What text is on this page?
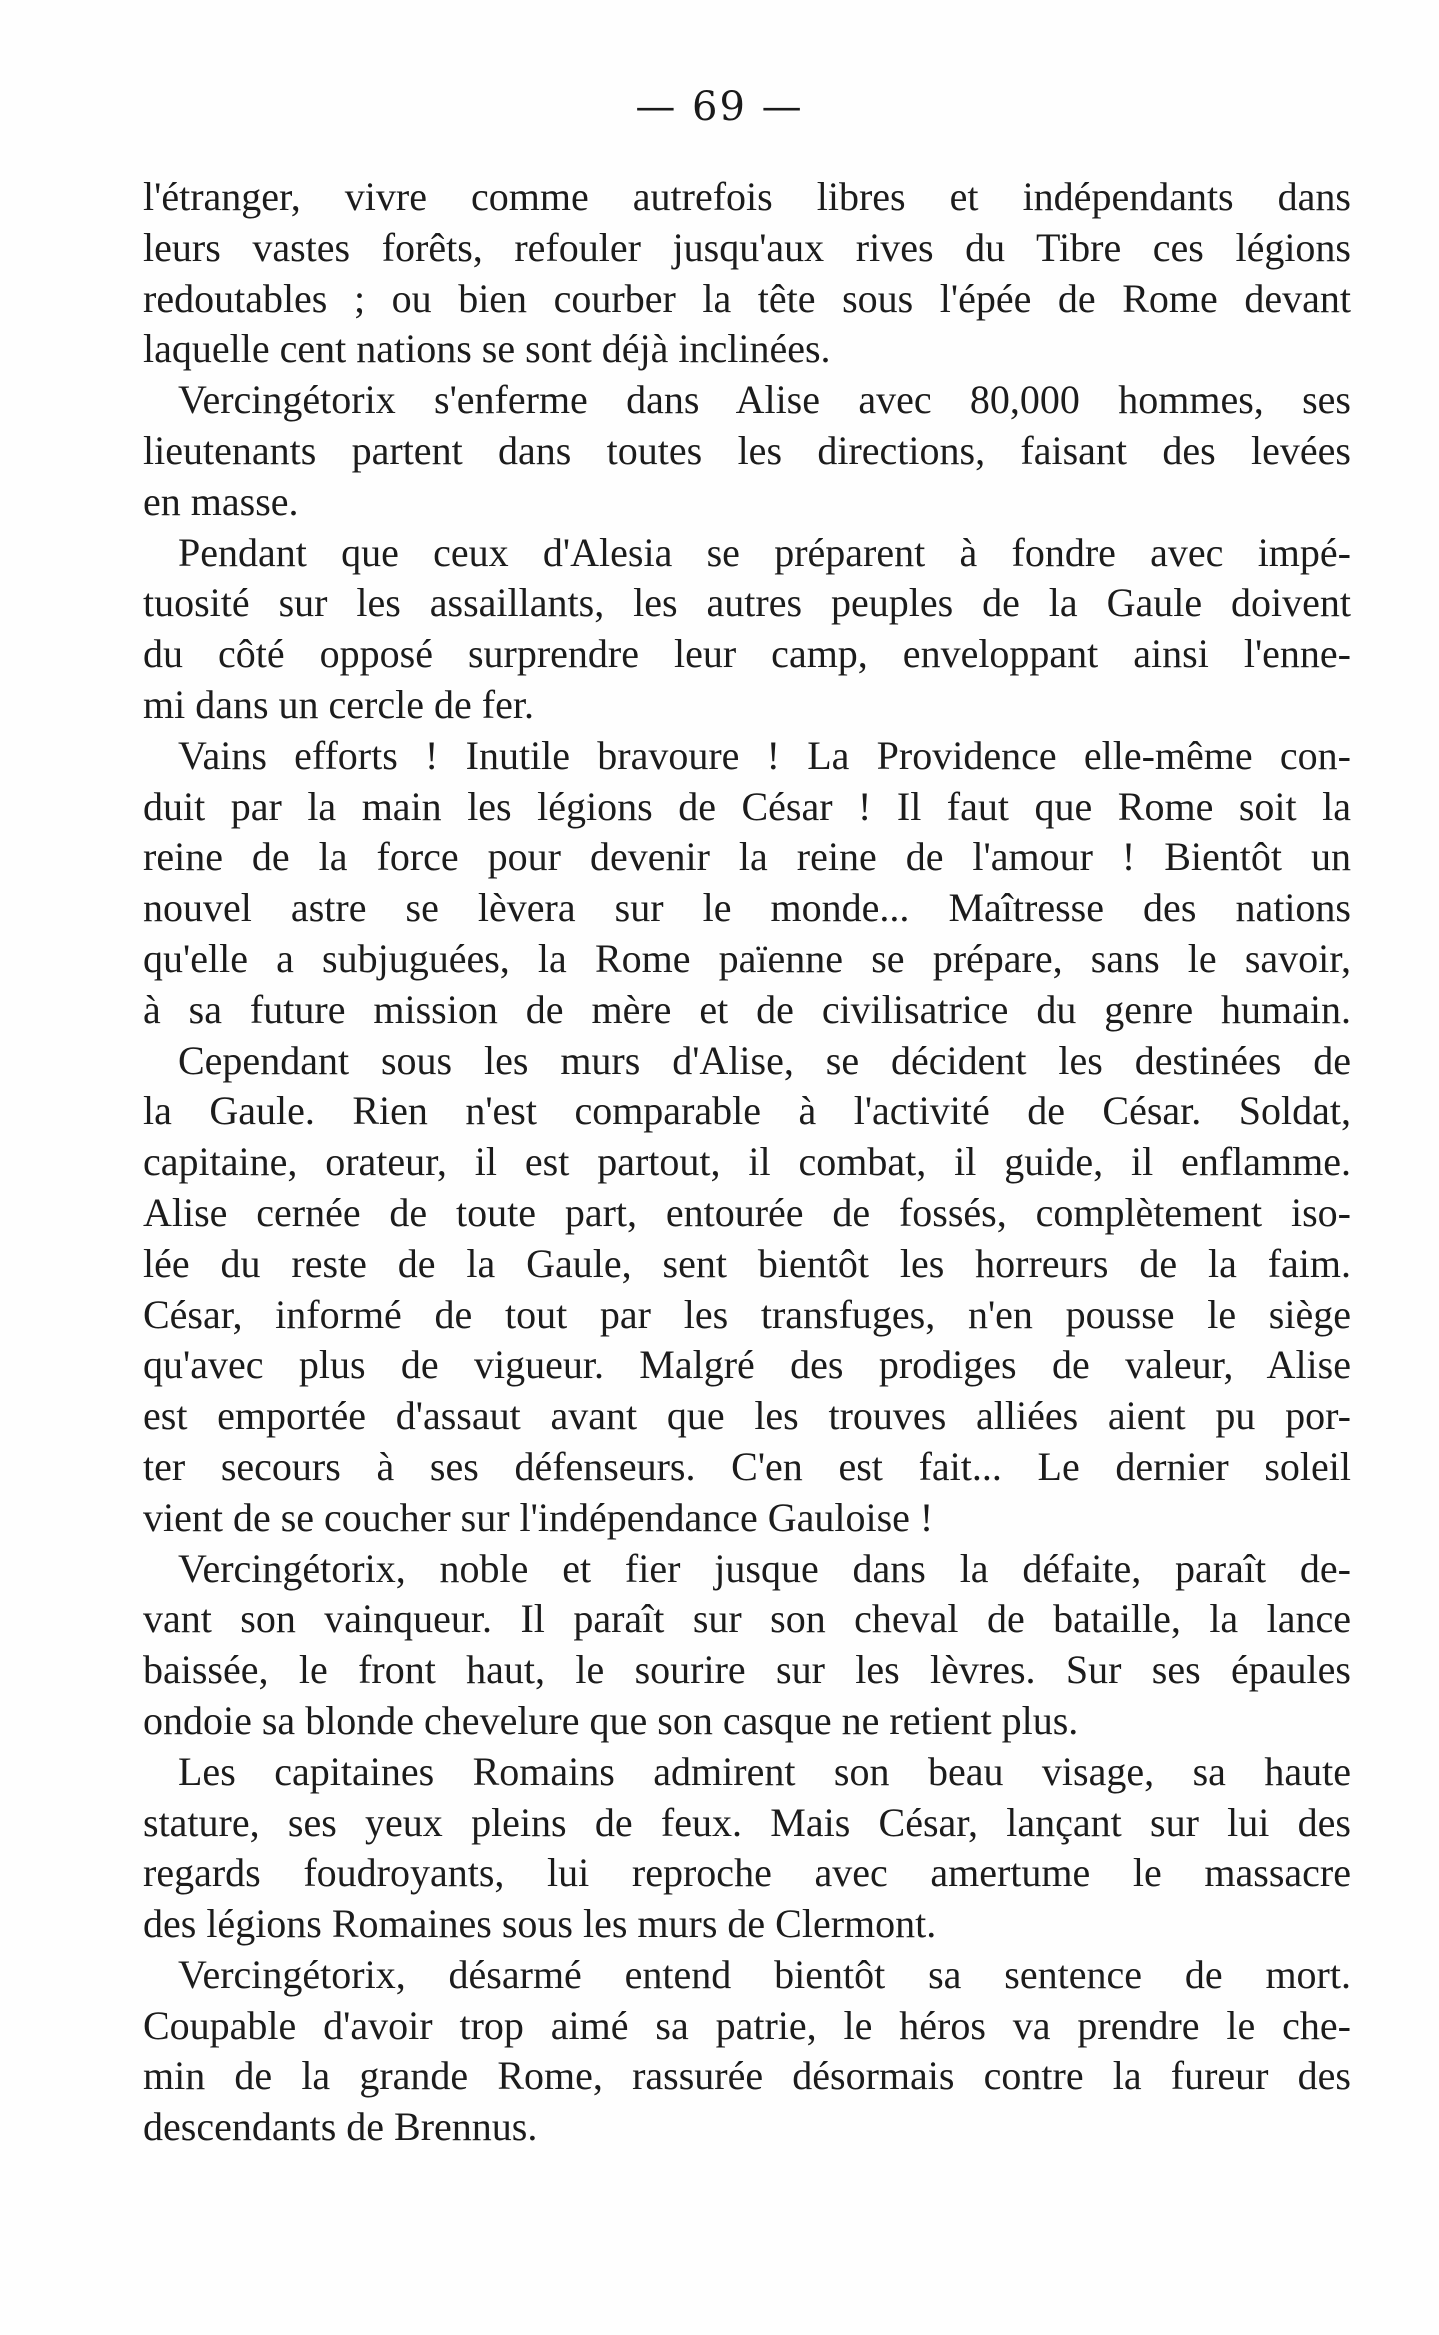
— 69 —
l'étranger, vivre comme autrefois libres et indépendants dans
leurs vastes forêts, refouler jusqu'aux rives du Tibre ces légions
redoutables ; ou bien courber la tête sous l'épée de Rome devant
laquelle cent nations se sont déjà inclinées.
Vercingétorix s'enferme dans Alise avec 80,000 hommes, ses
lieutenants partent dans toutes les directions, faisant des levées
en masse.
Pendant que ceux d'Alesia se préparent à fondre avec impé-
tuosité sur les assaillants, les autres peuples de la Gaule doivent
du côté opposé surprendre leur camp, enveloppant ainsi l'enne-
mi dans un cercle de fer.
Vains efforts ! Inutile bravoure ! La Providence elle-même con-
duit par la main les légions de César ! Il faut que Rome soit la
reine de la force pour devenir la reine de l'amour ! Bientôt un
nouvel astre se lèvera sur le monde... Maîtresse des nations
qu'elle a subjuguées, la Rome païenne se prépare, sans le savoir,
à sa future mission de mère et de civilisatrice du genre humain.
Cependant sous les murs d'Alise, se décident les destinées de
la Gaule. Rien n'est comparable à l'activité de César. Soldat,
capitaine, orateur, il est partout, il combat, il guide, il enflamme.
Alise cernée de toute part, entourée de fossés, complètement iso-
lée du reste de la Gaule, sent bientôt les horreurs de la faim.
César, informé de tout par les transfuges, n'en pousse le siège
qu'avec plus de vigueur. Malgré des prodiges de valeur, Alise
est emportée d'assaut avant que les trouves alliées aient pu por-
ter secours à ses défenseurs. C'en est fait... Le dernier soleil
vient de se coucher sur l'indépendance Gauloise !
Vercingétorix, noble et fier jusque dans la défaite, paraît de-
vant son vainqueur. Il paraît sur son cheval de bataille, la lance
baissée, le front haut, le sourire sur les lèvres. Sur ses épaules
ondoie sa blonde chevelure que son casque ne retient plus.
Les capitaines Romains admirent son beau visage, sa haute
stature, ses yeux pleins de feux. Mais César, lançant sur lui des
regards foudroyants, lui reproche avec amertume le massacre
des légions Romaines sous les murs de Clermont.
Vercingétorix, désarmé entend bientôt sa sentence de mort.
Coupable d'avoir trop aimé sa patrie, le héros va prendre le che-
min de la grande Rome, rassurée désormais contre la fureur des
descendants de Brennus.
